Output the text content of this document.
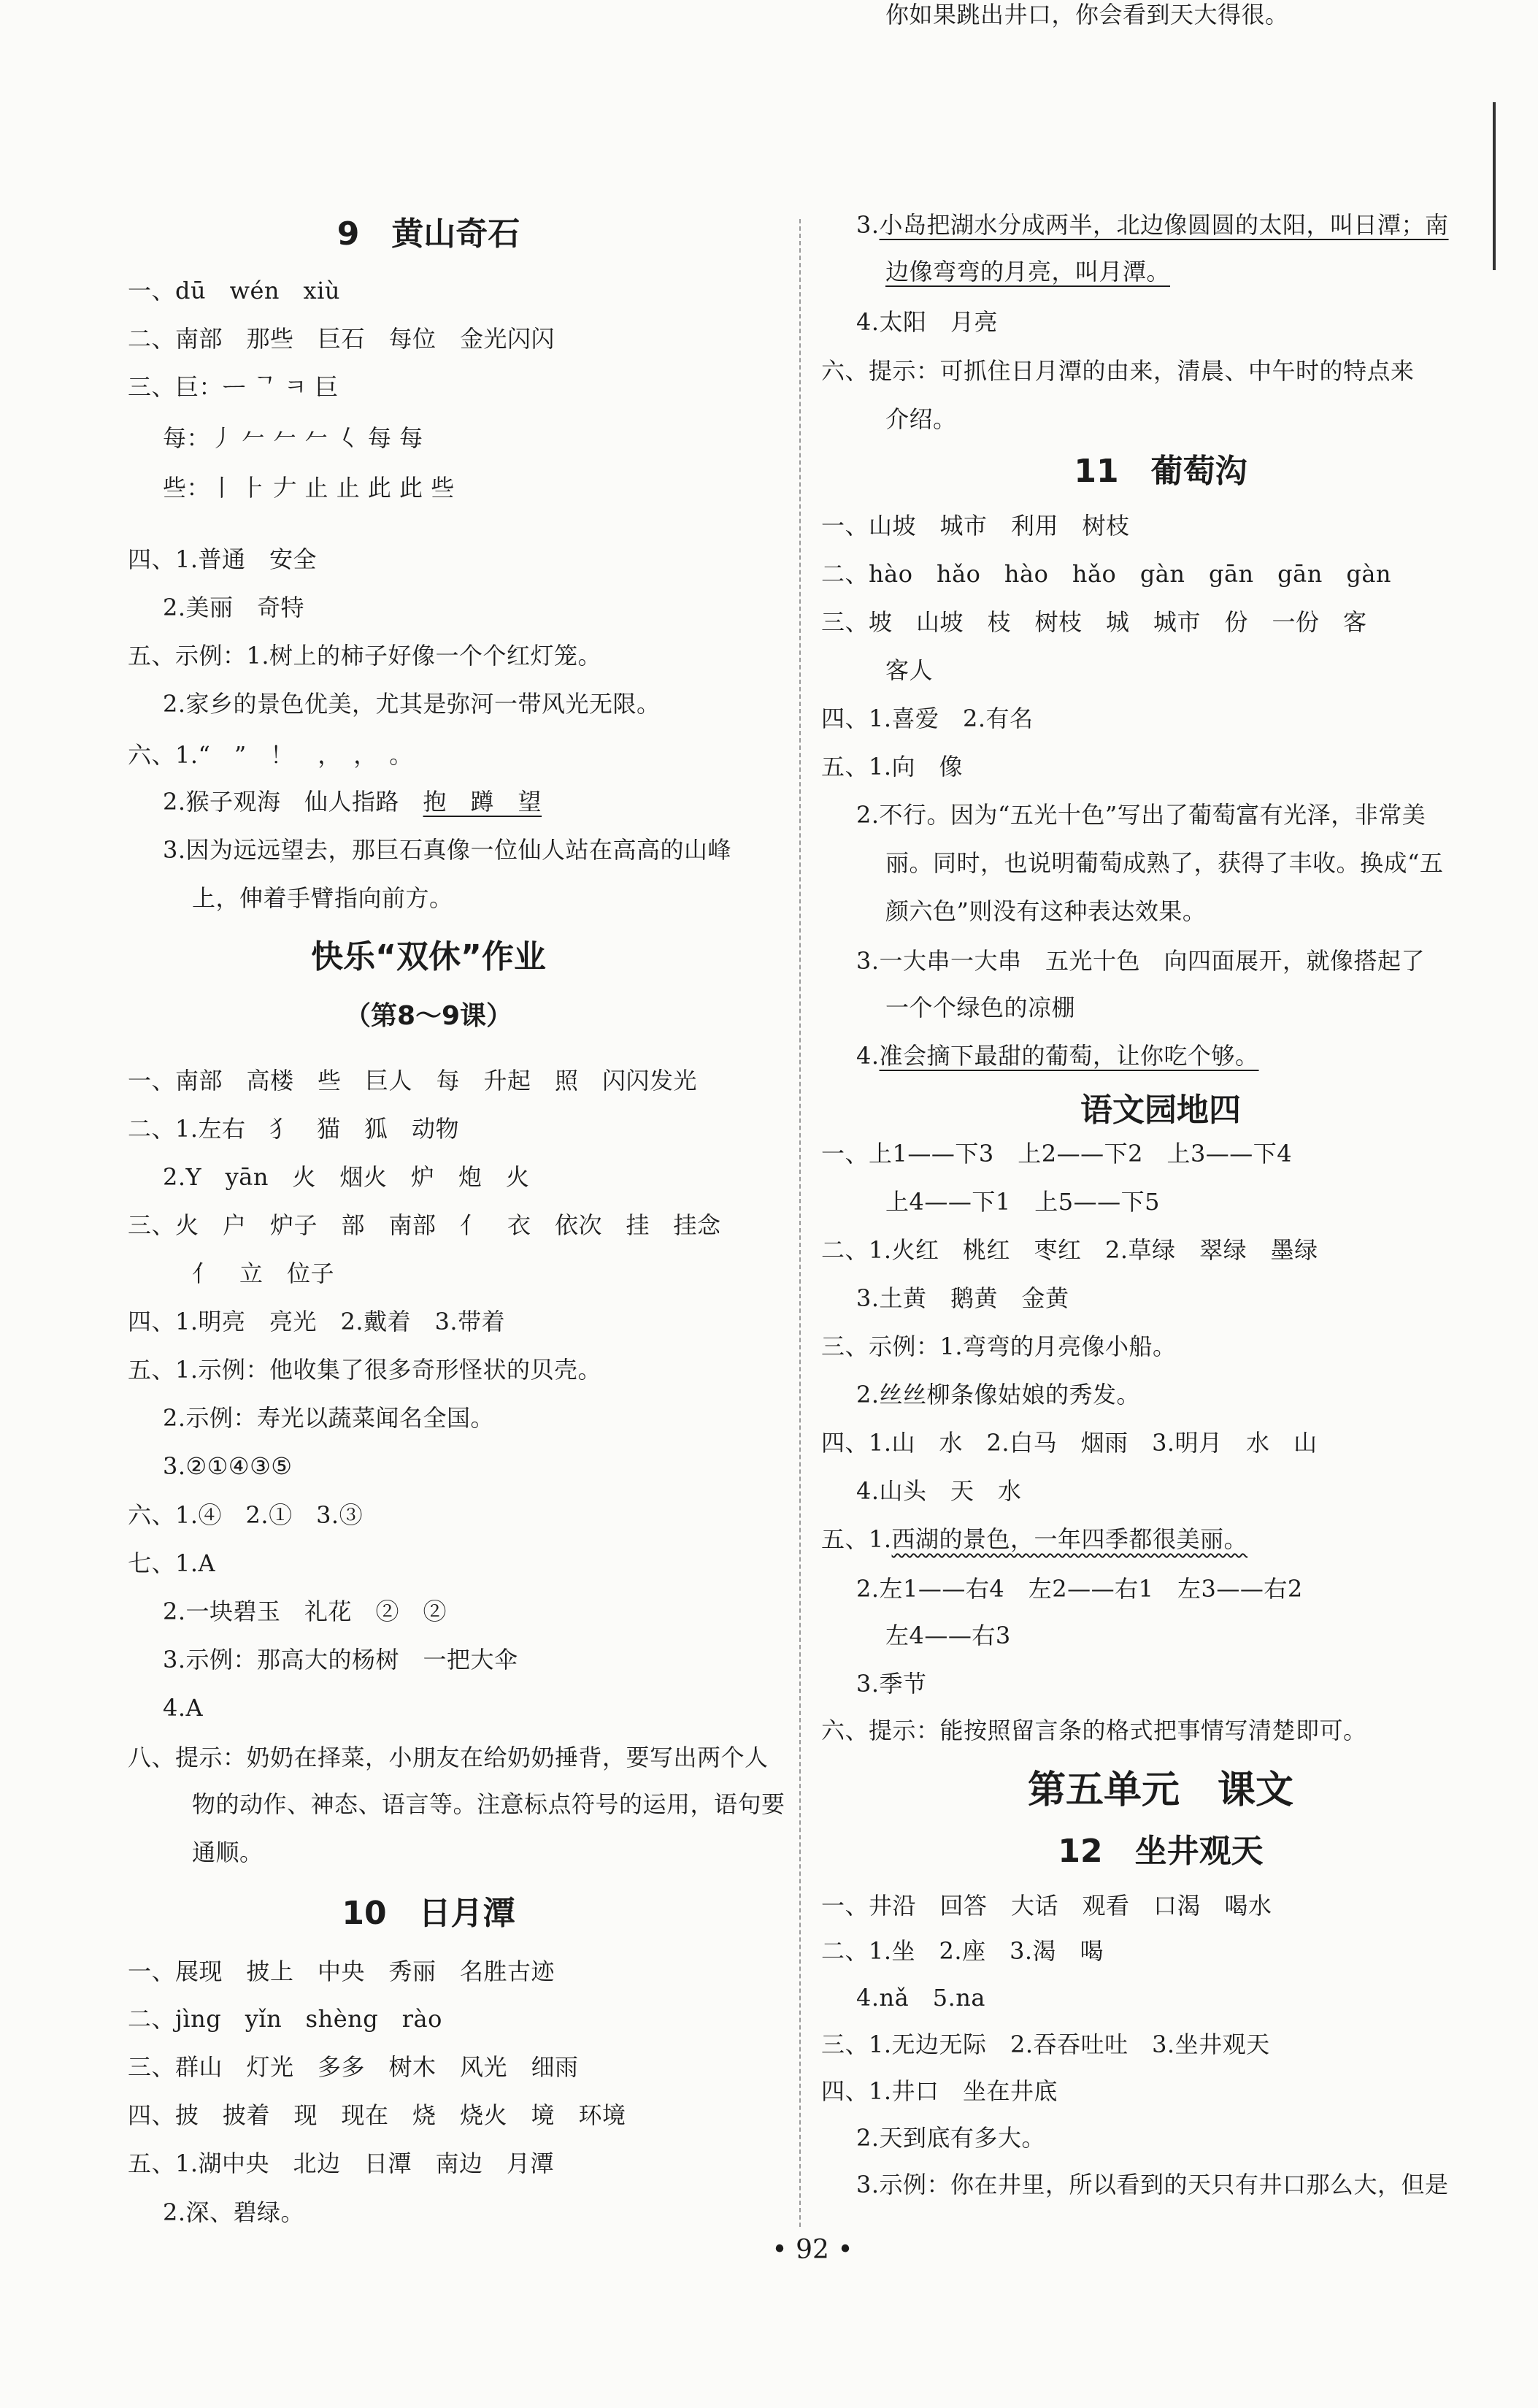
9　黄山奇石
一、dū　wén　xiù
二、南部　那些　巨石　每位　金光闪闪
三、巨：ᅳ ᄀ ㅋ 巨
每：丿 𠂉 𠂉 𠂉 𡿨 每 每
些：丨 ⺊ 𠂇 止 止 此 此 些
四、1.普通　安全
2.美丽　奇特
五、示例：1.树上的柿子好像一个个红灯笼。
2.家乡的景色优美，尤其是弥河一带风光无限。
六、1.“　”　！　，　，　。
2.猴子观海　仙人指路　抱　蹲　望
3.因为远远望去，那巨石真像一位仙人站在高高的山峰
上，伸着手臂指向前方。
快乐“双休”作业
（第8～9课）
一、南部　高楼　些　巨人　每　升起　照　闪闪发光
二、1.左右　犭　猫　狐　动物
2.Y　yān　火　烟火　炉　炮　火
三、火　户　炉子　部　南部　亻　衣　依次　挂　挂念
亻　立　位子
四、1.明亮　亮光　2.戴着　3.带着
五、1.示例：他收集了很多奇形怪状的贝壳。
2.示例：寿光以蔬菜闻名全国。
3.②①④③⑤
六、1.④　2.①　3.③
七、1.A
2.一块碧玉　礼花　②　②
3.示例：那高大的杨树　一把大伞
4.A
八、提示：奶奶在择菜，小朋友在给奶奶捶背，要写出两个人
物的动作、神态、语言等。注意标点符号的运用，语句要
通顺。
10　日月潭
一、展现　披上　中央　秀丽　名胜古迹
二、jìng　yǐn　shèng　rào
三、群山　灯光　多多　树木　风光　细雨
四、披　披着　现　现在　烧　烧火　境　环境
五、1.湖中央　北边　日潭　南边　月潭
2.深、碧绿。
3.小岛把湖水分成两半，北边像圆圆的太阳，叫日潭；南
边像弯弯的月亮，叫月潭。
4.太阳　月亮
六、提示：可抓住日月潭的由来，清晨、中午时的特点来
介绍。
11　葡萄沟
一、山坡　城市　利用　树枝
二、hào　hǎo　hào　hǎo　gàn　gān　gān　gàn
三、坡　山坡　枝　树枝　城　城市　份　一份　客
客人
四、1.喜爱　2.有名
五、1.向　像
2.不行。因为“五光十色”写出了葡萄富有光泽，非常美
丽。同时，也说明葡萄成熟了，获得了丰收。换成“五
颜六色”则没有这种表达效果。
3.一大串一大串　五光十色　向四面展开，就像搭起了
一个个绿色的凉棚
4.准会摘下最甜的葡萄，让你吃个够。
语文园地四
一、上1——下3　上2——下2　上3——下4
上4——下1　上5——下5
二、1.火红　桃红　枣红　2.草绿　翠绿　墨绿
3.土黄　鹅黄　金黄
三、示例：1.弯弯的月亮像小船。
2.丝丝柳条像姑娘的秀发。
四、1.山　水　2.白马　烟雨　3.明月　水　山
4.山头　天　水
五、1.西湖的景色，一年四季都很美丽。
2.左1——右4　左2——右1　左3——右2
左4——右3
3.季节
六、提示：能按照留言条的格式把事情写清楚即可。
第五单元　课文
12　坐井观天
一、井沿　回答　大话　观看　口渴　喝水
二、1.坐　2.座　3.渴　喝
4.nǎ　5.na
三、1.无边无际　2.吞吞吐吐　3.坐井观天
四、1.井口　坐在井底
2.天到底有多大。
3.示例：你在井里，所以看到的天只有井口那么大，但是
你如果跳出井口，你会看到天大得很。
• 92 •
